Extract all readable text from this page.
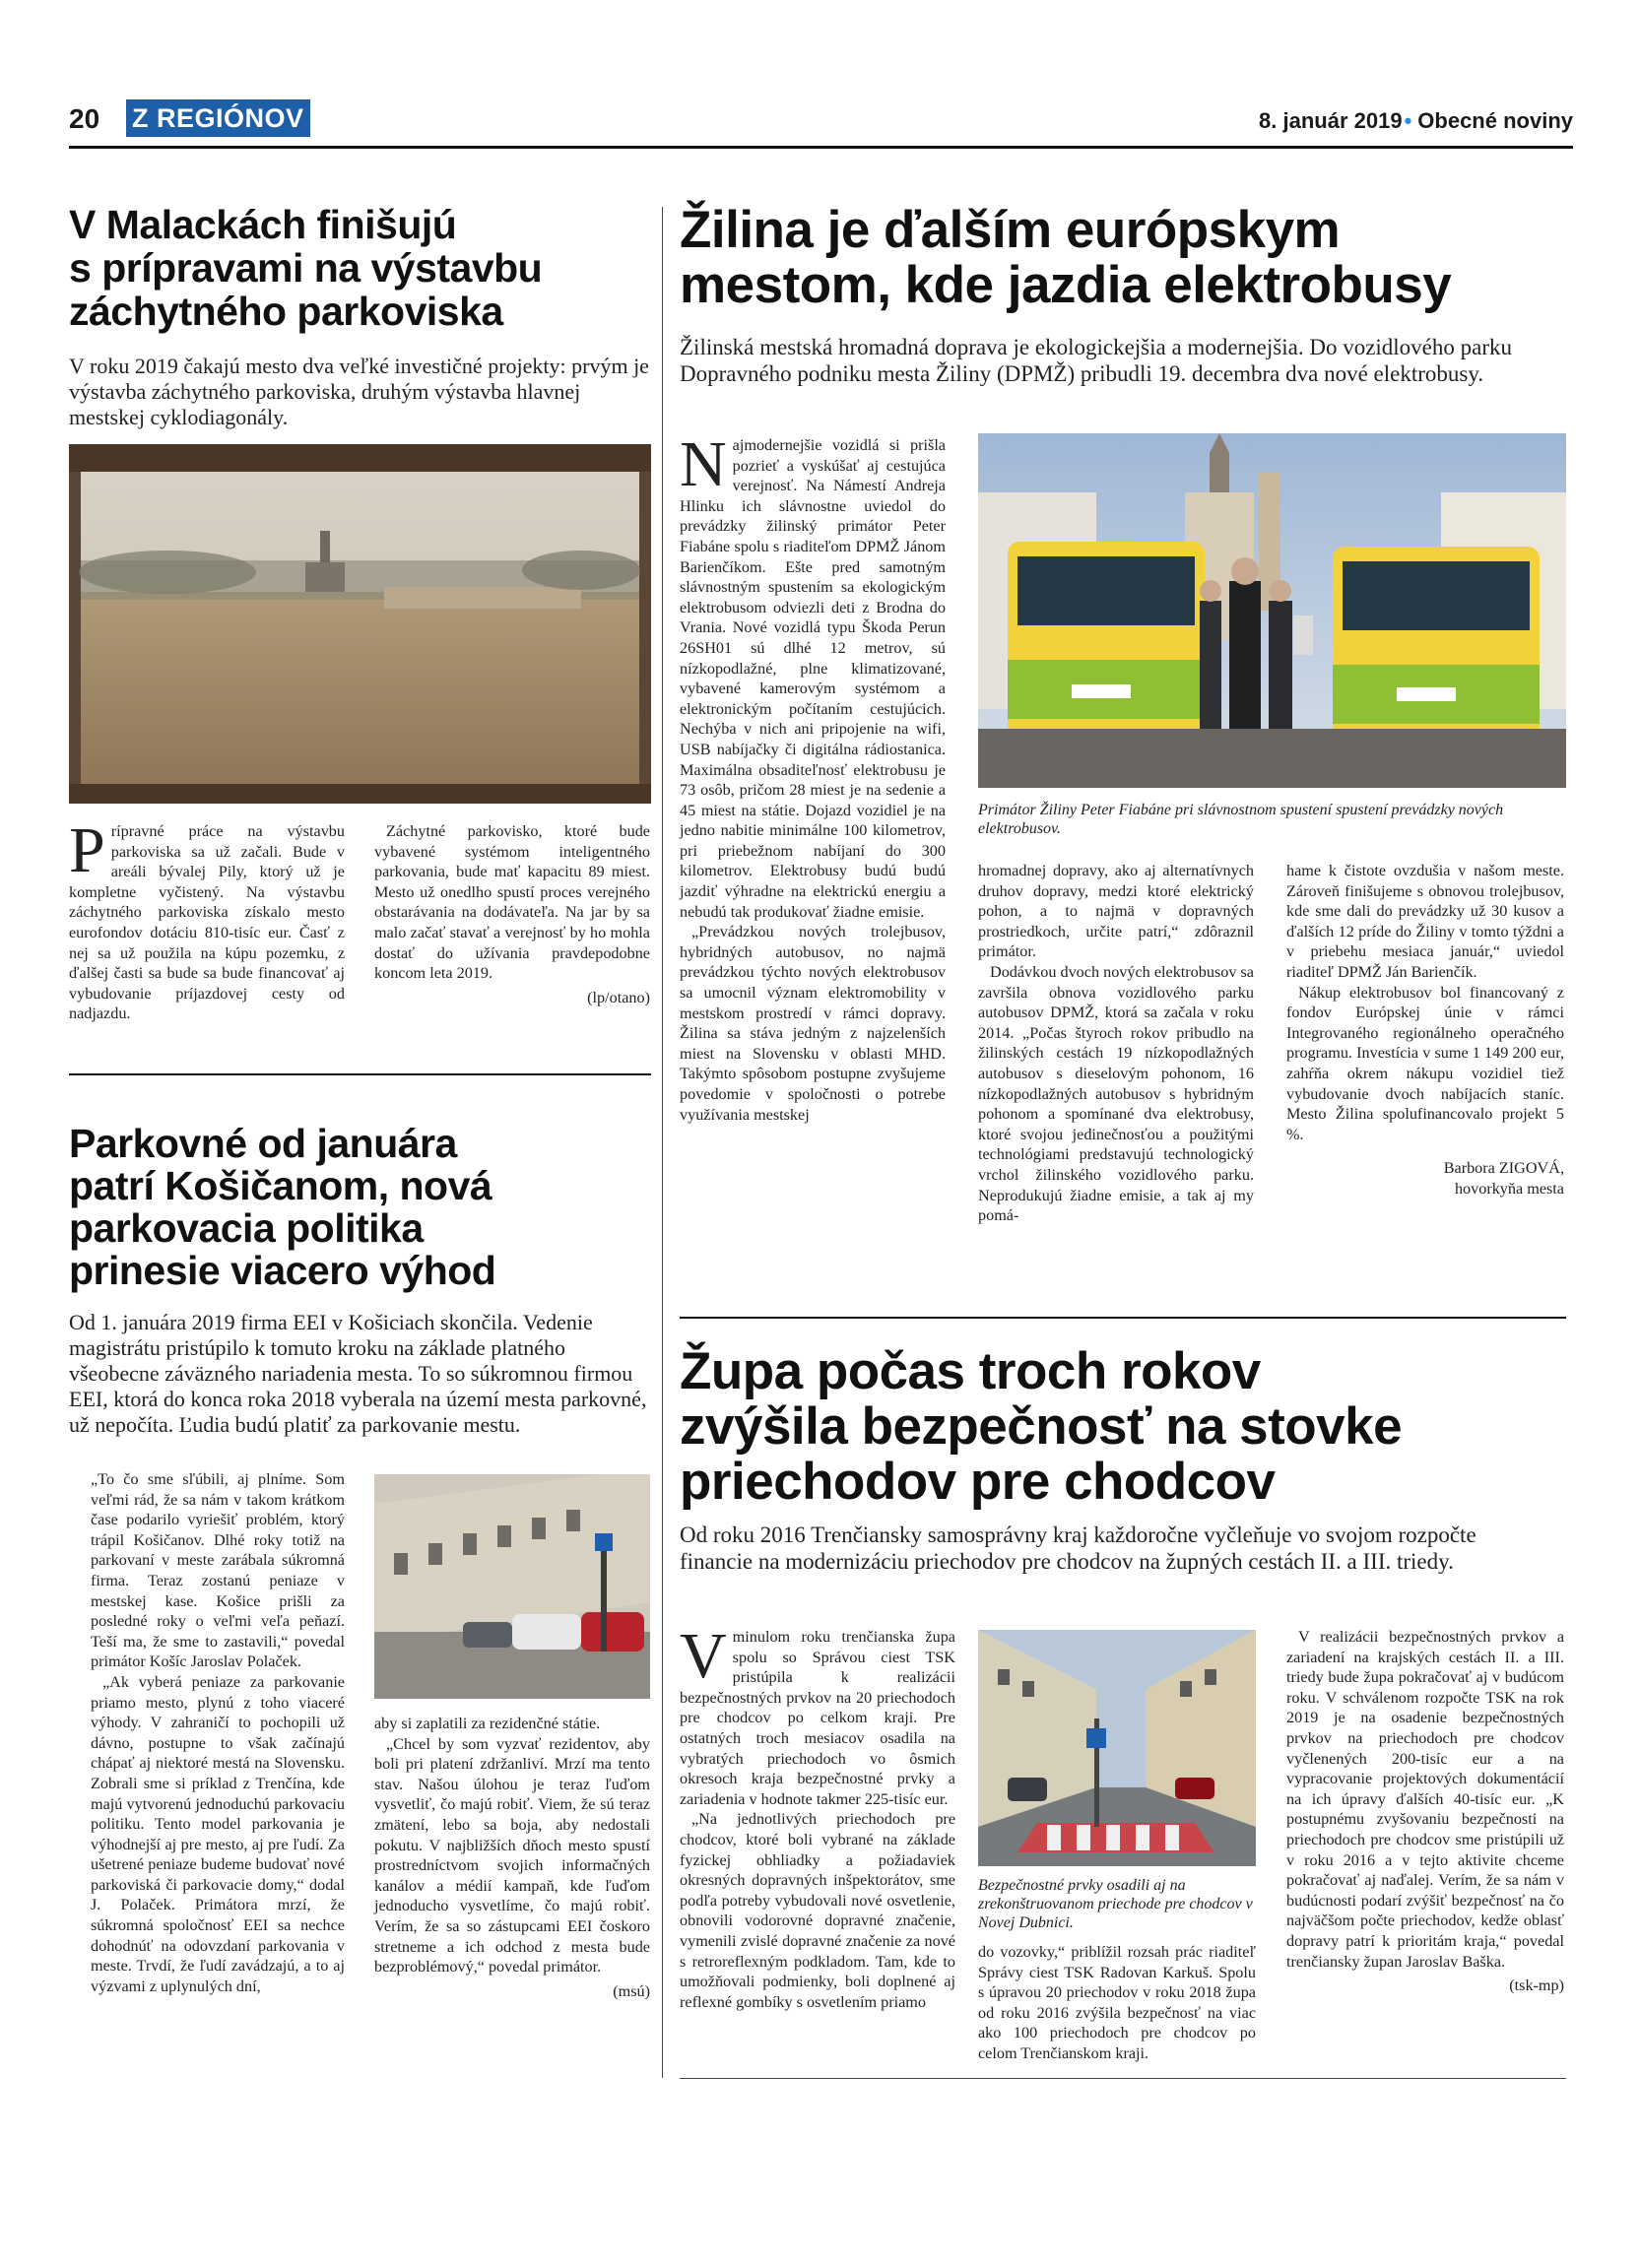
20 Z REGIÓNOV	8. január 2019• Obecné noviny
V Malackách finišujú
s prípravami na výstavbu
záchytného parkoviska
V roku 2019 čakajú mesto dva veľké investičné projekty: prvým je výstavba záchytného parkoviska, druhým výstavba hlavnej mestskej cyklodiagonály.
Prípravné práce na výstavbu parkoviska sa už začali. Bude v areáli bývalej Pily, ktorý už je kompletne vyčistený. Na výstavbu záchytného parkoviska získalo mesto eurofondov dotáciu 810-tisíc eur. Časť z nej sa už použila na kúpu pozemku, z ďalšej časti sa bude sa bude financovať aj vybudovanie príjazdovej cesty od nadjazdu.

Záchytné parkovisko, ktoré bude vybavené systémom inteligentného parkovania, bude mať kapacitu 89 miest. Mesto už onedlho spustí proces verejného obstarávania na dodávateľa. Na jar by sa malo začať stavať a verejnosť by ho mohla dostať do užívania pravdepodobne koncom leta 2019.

(lp/otano)
Parkovné od januára
patrí Košičanom, nová
parkovacia politika
prinesie viacero výhod
Od 1. januára 2019 firma EEI v Košiciach skončila. Vedenie magistrátu pristúpilo k tomuto kroku na základe platného všeobecne záväzného nariadenia mesta. To so súkromnou firmou EEI, ktorá do konca roka 2018 vyberala na území mesta parkovné, už nepočíta. Ľudia budú platiť za parkovanie mestu.

„To čo sme sľúbili, aj plníme. Som veľmi rád, že sa nám v takom krátkom čase podarilo vyriešiť problém, ktorý trápil Košičanov. Dlhé roky totiž na parkovaní v meste zarábala súkromná firma. Teraz zostanú peniaze v mestskej kase. Košice prišli za posledné roky o veľmi veľa peňazí. Teší ma, že sme to zastavili,“ povedal primátor Košíc Jaroslav Polaček.

„Ak vyberá peniaze za parkovanie priamo mesto, plynú z toho viaceré výhody. V zahraničí to pochopili už dávno, postupne to však začínajú chápať aj niektoré mestá na Slovensku. Zobrali sme si príklad z Trenčína, kde majú vytvorenú jednoduchú parkovaciu politiku. Tento model parkovania je výhodnejší aj pre mesto, aj pre ľudí. Za ušetrené peniaze budeme budovať nové parkoviská či parkovacie domy,“ dodal J. Polaček. Primátora mrzí, že súkromná spoločnosť EEI sa nechce dohodnúť na odovzdaní parkovania v meste. Trvdí, že ľudí zavádzajú, a to aj výzvami z uplynulých dní,

aby si zaplatili za rezidenčné státie.

„Chcel by som vyzvať rezidentov, aby boli pri platení zdržanliví. Mrzí ma tento stav. Našou úlohou je teraz ľuďom vysvetliť, čo majú robiť. Viem, že sú teraz zmätení, lebo sa boja, aby nedostali pokutu. V najbližších dňoch mesto spustí prostredníctvom svojich informačných kanálov a médií kampaň, kde ľuďom jednoducho vysvetlíme, čo majú robiť. Verím, že sa so zástupcami EEI čoskoro stretneme a ich odchod z mesta bude bezproblémový,“ povedal primátor.

(msú)
Žilina je ďalším európskym
mestom, kde jazdia elektrobusy
Žilinská mestská hromadná doprava je ekologickejšia a modernejšia. Do vozidlového parku Dopravného podniku mesta Žiliny (DPMŽ) pribudli 19. decembra dva nové elektrobusy.

Najmodernejšie vozidlá si prišla pozrieť a vyskúšať aj cestujúca verejnosť. Na Námestí Andreja Hlinku ich slávnostne uviedol do prevádzky žilinský primátor Peter Fiabáne spolu s riaditeľom DPMŽ Jánom Barienčíkom. Ešte pred samotným slávnostným spustením sa ekologickým elektrobusom odviezli deti z Brodna do Vrania. Nové vozidlá typu Škoda Perun 26SH01 sú dlhé 12 metrov, sú nízkopodlažné, plne klimatizované, vybavené kamerovým systémom a elektronickým počítaním cestujúcich. Nechýba v nich ani pripojenie na wifi, USB nabíjačky či digitálna rádiostanica. Maximálna obsaditeľnosť elektrobusu je 73 osôb, pričom 28 miest je na sedenie a 45 miest na státie. Dojazd vozidiel je na jedno nabitie minimálne 100 kilometrov, pri priebežnom nabíjaní do 300 kilometrov. Elektrobusy budú budú jazdiť výhradne na elektrickú energiu a nebudú tak produkovať žiadne emisie.

„Prevádzkou nových trolejbusov, hybridných autobusov, no najmä prevádzkou týchto nových elektrobusov sa umocnil význam elektromobility v mestskom prostredí v rámci dopravy. Žilina sa stáva jedným z najzelenších miest na Slovensku v oblasti MHD. Takýmto spôsobom postupne zvyšujeme povedomie v spoločnosti o potrebe využívania mestskej

Primátor Žiliny Peter Fiabáne pri slávnostnom spustení spustení prevádzky nových elektrobusov.

hromadnej dopravy, ako aj alternatívnych druhov dopravy, medzi ktoré elektrický pohon, a to najmä v dopravných prostriedkoch, určite patrí,“ zdôraznil primátor.

Dodávkou dvoch nových elektrobusov sa završila obnova vozidlového parku autobusov DPMŽ, ktorá sa začala v roku 2014. „Počas štyroch rokov pribudlo na žilinských cestách 19 nízkopodlažných autobusov s dieselovým pohonom, 16 nízkopodlažných autobusov s hybridným pohonom a spomínané dva elektrobusy, ktoré svojou jedinečnosťou a použitými technológiami predstavujú technologický vrchol žilinského vozidlového parku. Neprodukujú žiadne emisie, a tak aj my pomá-

hame k čistote ovzdušia v našom meste. Zároveň finišujeme s obnovou trolejbusov, kde sme dali do prevádzky už 30 kusov a ďalších 12 príde do Žiliny v tomto týždni a v priebehu mesiaca január,“ uviedol riaditeľ DPMŽ Ján Barienčík.

Nákup elektrobusov bol financovaný z fondov Európskej únie v rámci Integrovaného regionálneho operačného programu. Investícia v sume 1 149 200 eur, zahŕňa okrem nákupu vozidiel tiež vybudovanie dvoch nabíjacích staníc. Mesto Žilina spolufinancovalo projekt 5 %.

Barbora ZIGOVÁ,
hovorkyňa mesta
Župa počas troch rokov
zvýšila bezpečnosť na stovke
priechodov pre chodcov
Od roku 2016 Trenčiansky samosprávny kraj každoročne vyčleňuje vo svojom rozpočte financie na modernizáciu priechodov pre chodcov na župných cestách II. a III. triedy.

Vminulom roku trenčianska župa spolu so Správou ciest TSK pristúpila k realizácii bezpečnostných prvkov na 20 priechodoch pre chodcov po celkom kraji. Pre ostatných troch mesiacov osadila na vybratých priechodoch vo ôsmich okresoch kraja bezpečnostné prvky a zariadenia v hodnote takmer 225-tisíc eur.

„Na jednotlivých priechodoch pre chodcov, ktoré boli vybrané na základe fyzickej obhliadky a požiadaviek okresných dopravných inšpektorátov, sme podľa potreby vybudovali nové osvetlenie, obnovili vodorovné dopravné značenie, vymenili zvislé dopravné značenie za nové s retroreflexným podkladom. Tam, kde to umožňovali podmienky, boli doplnené aj reflexné gombíky s osvetlením priamo

Bezpečnostné prvky osadili aj na zrekonštruovanom priechode pre chodcov v Novej Dubnici.

do vozovky,“ priblížil rozsah prác riaditeľ Správy ciest TSK Radovan Karkuš. Spolu s úpravou 20 priechodov v roku 2018 župa od roku 2016 zvýšila bezpečnosť na viac ako 100 priechodoch pre chodcov po celom Trenčianskom kraji.

V realizácii bezpečnostných prvkov a zariadení na krajských cestách II. a III. triedy bude župa pokračovať aj v budúcom roku. V schválenom rozpočte TSK na rok 2019 je na osadenie bezpečnostných prvkov na priechodoch pre chodcov vyčlenených 200-tisíc eur a na vypracovanie projektových dokumentácií na ich úpravy ďalších 40-tisíc eur. „K postupnému zvyšovaniu bezpečnosti na priechodoch pre chodcov sme pristúpili už v roku 2016 a v tejto aktivite chceme pokračovať aj naďalej. Verím, že sa nám v budúcnosti podarí zvýšiť bezpečnosť na čo najväčšom počte priechodov, kedže oblasť dopravy patrí k prioritám kraja,“ povedal trenčiansky župan Jaroslav Baška.

(tsk-mp)
